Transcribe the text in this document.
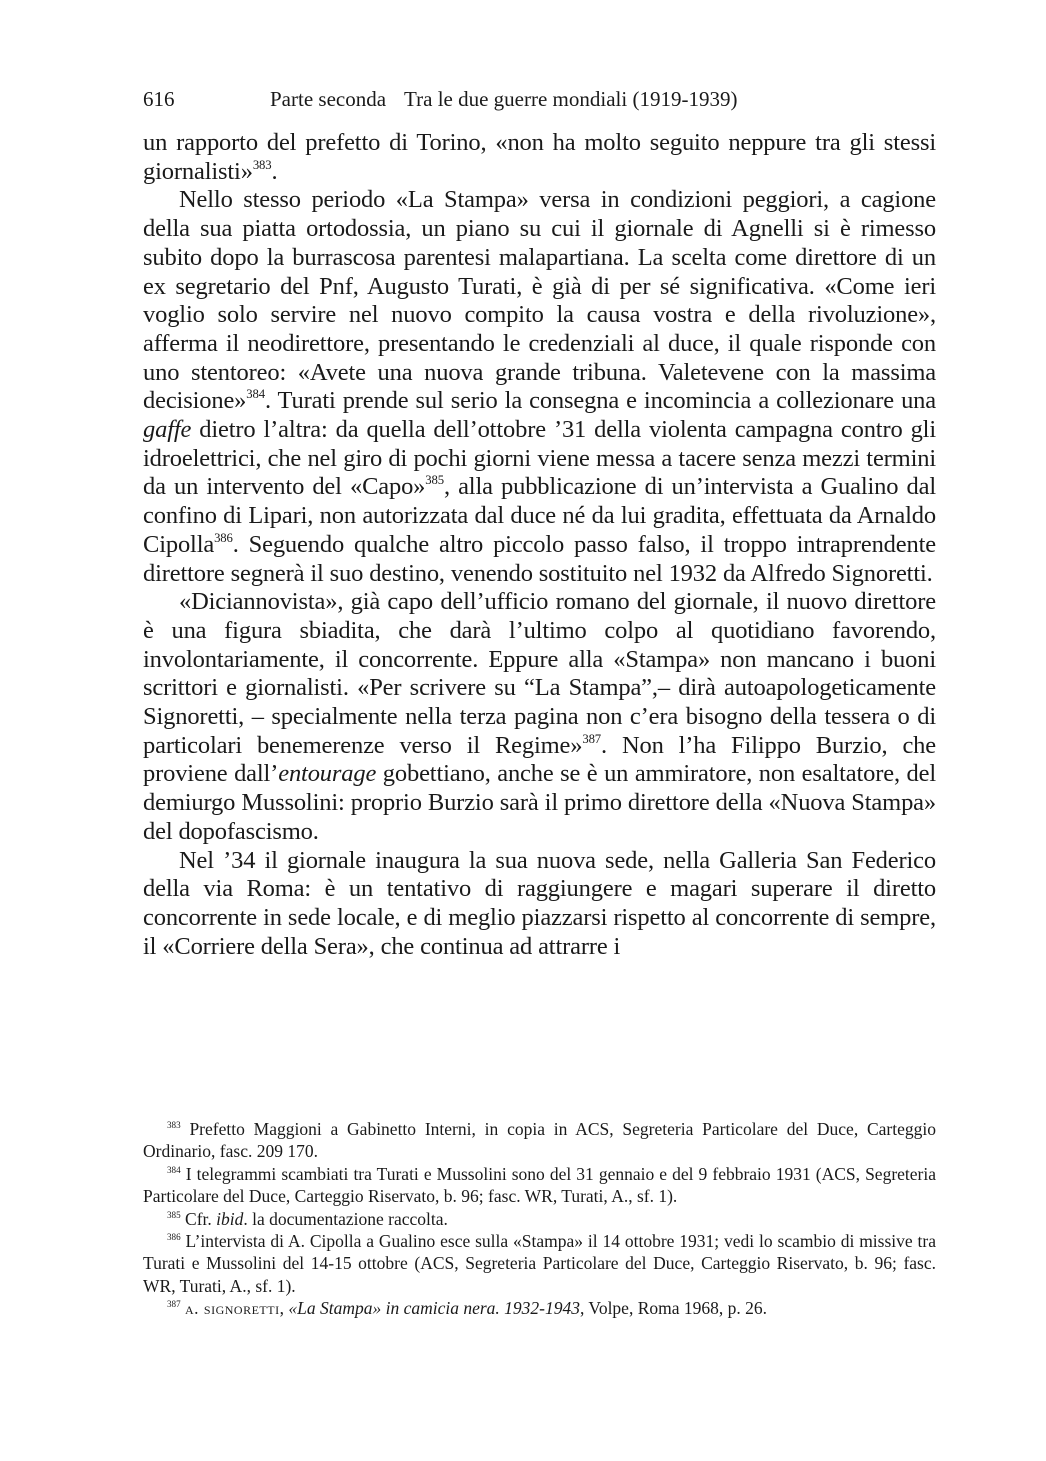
616	Parte seconda Tra le due guerre mondiali (1919-1939)

un rapporto del prefetto di Torino, «non ha molto seguito neppure tra gli stessi giornalisti»$^{383}$.

Nello stesso periodo «La Stampa» versa in condizioni peggiori, a cagione della sua piatta ortodossia, un piano su cui il giornale di Agnelli si è rimesso subito dopo la burrascosa parentesi malapartiana. La scelta come direttore di un ex segretario del Pnf, Augusto Turati, è già di per sé significativa. «Come ieri voglio solo servire nel nuovo compito la causa vostra e della rivoluzione», afferma il neodirettore, presentando le credenziali al duce, il quale risponde con uno stentoreo: «Avete una nuova grande tribuna. Valetevene con la massima decisione»$^{384}$. Turati prende sul serio la consegna e incomincia a collezionare una gaffe dietro l’altra: da quella dell’ottobre ’31 della violenta campagna contro gli idroelettrici, che nel giro di pochi giorni viene messa a tacere senza mezzi termini da un intervento del «Capo»$^{385}$, alla pubblicazione di un’intervista a Gualino dal confino di Lipari, non autorizzata dal duce né da lui gradita, effettuata da Arnaldo Cipolla$^{386}$. Seguendo qualche altro piccolo passo falso, il troppo intraprendente direttore segnerà il suo destino, venendo sostituito nel 1932 da Alfredo Signoretti.

«Diciannovista», già capo dell’ufficio romano del giornale, il nuovo direttore è una figura sbiadita, che darà l’ultimo colpo al quotidiano favorendo, involontariamente, il concorrente. Eppure alla «Stampa» non mancano i buoni scrittori e giornalisti. «Per scrivere su “La Stampa”,– dirà autoapologeticamente Signoretti, – specialmente nella terza pagina non c’era bisogno della tessera o di particolari benemerenze verso il Regime»$^{387}$. Non l’ha Filippo Burzio, che proviene dall’entourage gobettiano, anche se è un ammiratore, non esaltatore, del demiurgo Mussolini: proprio Burzio sarà il primo direttore della «Nuova Stampa» del dopofascismo.

Nel ’34 il giornale inaugura la sua nuova sede, nella Galleria San Federico della via Roma: è un tentativo di raggiungere e magari superare il diretto concorrente in sede locale, e di meglio piazzarsi rispetto al concorrente di sempre, il «Corriere della Sera», che continua ad attrarre i

$^{383}$ Prefetto Maggioni a Gabinetto Interni, in copia in ACS, Segreteria Particolare del Duce, Carteggio Ordinario, fasc. 209 170.

$^{384}$ I telegrammi scambiati tra Turati e Mussolini sono del 31 gennaio e del 9 febbraio 1931 (ACS, Segreteria Particolare del Duce, Carteggio Riservato, b. 96; fasc. WR, Turati, A., sf. 1).

$^{385}$ Cfr. ibid. la documentazione raccolta.

$^{386}$ L’intervista di A. Cipolla a Gualino esce sulla «Stampa» il 14 ottobre 1931; vedi lo scambio di missive tra Turati e Mussolini del 14-15 ottobre (ACS, Segreteria Particolare del Duce, Carteggio Riservato, b. 96; fasc. WR, Turati, A., sf. 1).

$^{387}$ a. signoretti, «La Stampa» in camicia nera. 1932-1943, Volpe, Roma 1968, p. 26.
